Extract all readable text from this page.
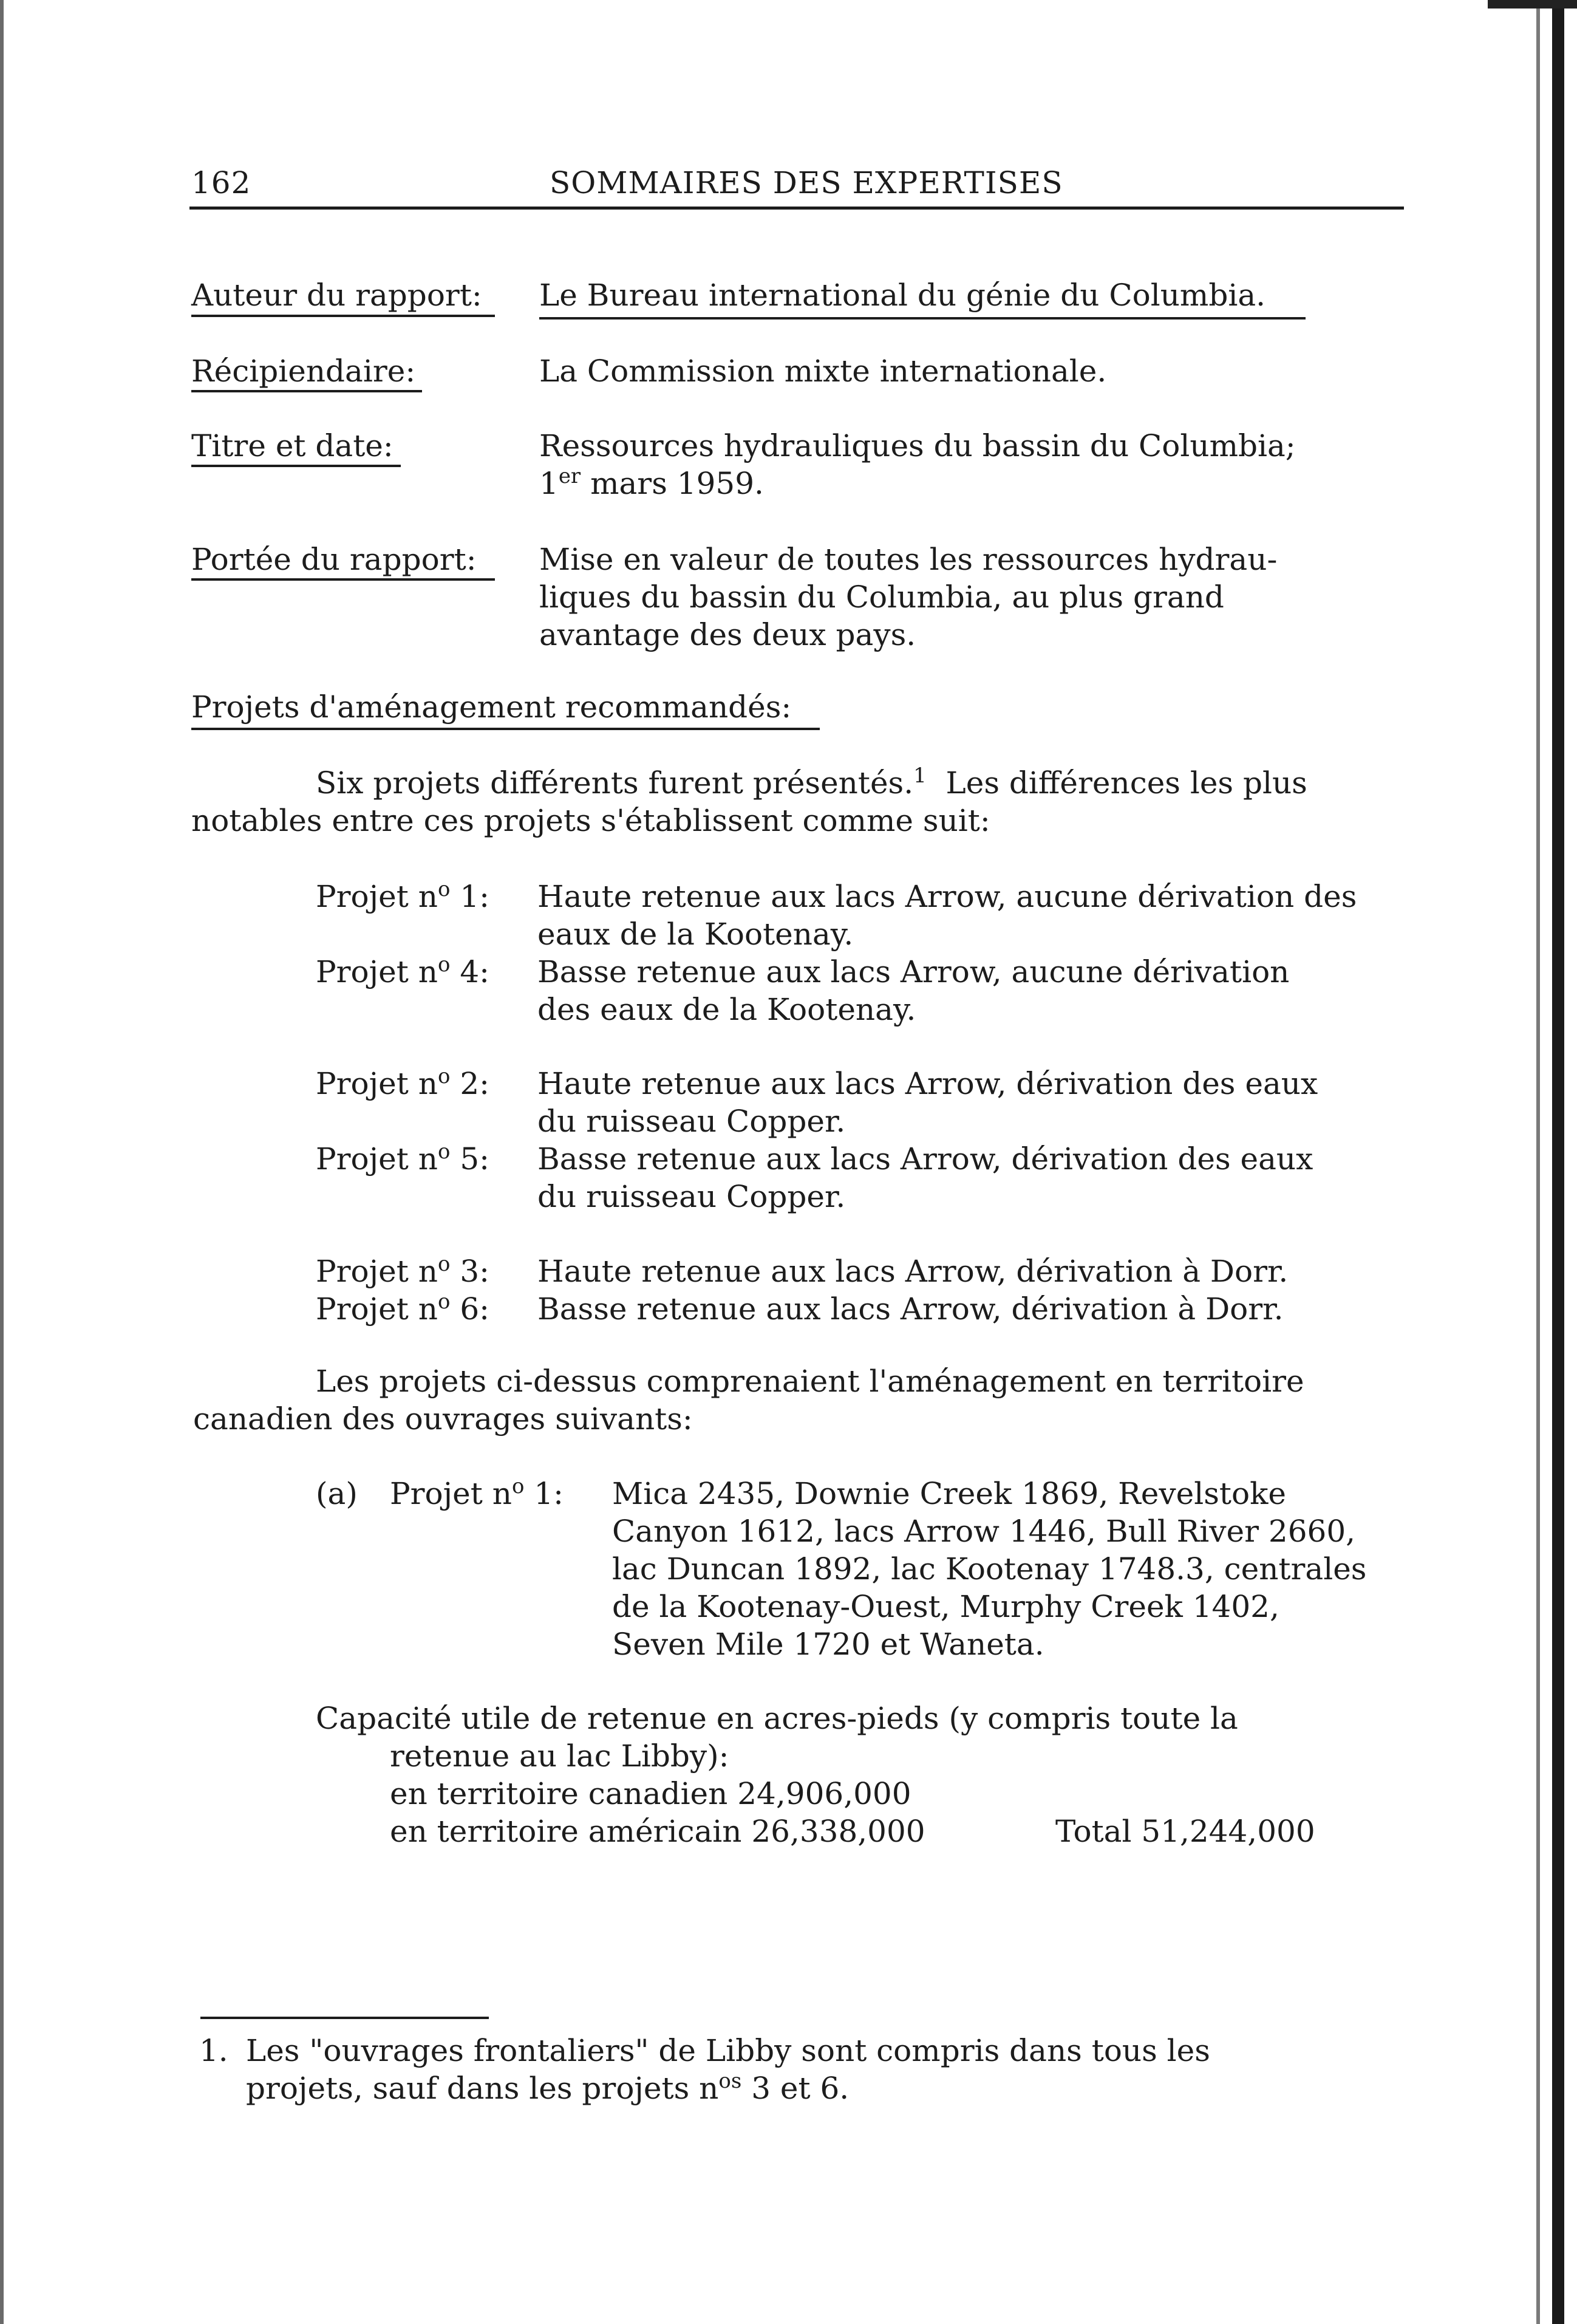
162	SOMMAIRES DES EXPERTISES
Auteur du rapport: Le Bureau international du génie du Columbia.
Récipiendaire:	La Commission mixte internationale.
Titre et date:	Ressources hydrauliques du bassin du Columbia;
1er mars 1959.
Portée du rapport: Mise en valeur de toutes les ressources hydrau-
liques du bassin du Columbia, au plus grand
avantage des deux pays.
Projets d'aménagement recommandés:
Six projets différents furent présentés.$^1$ Les différences les plus
notables entre ces projets s'établissent comme suit:
Projet $n^o$ 1: Haute retenue aux lacs Arrow, aucune dérivation des
eaux de la Kootenay.
Projet $n^o$ 4: Basse retenue aux lacs Arrow, aucune dérivation
des eaux de la Kootenay.
Projet $n^o$ 2: Haute retenue aux lacs Arrow, dérivation des eaux
du ruisseau Copper.
Projet $n^o$ 5: Basse retenue aux lacs Arrow, dérivation des eaux
du ruisseau Copper.
Projet $n^o$ 3: Haute retenue aux lacs Arrow, dérivation à Dorr.
Projet $n^o$ 6: Basse retenue aux lacs Arrow, dérivation à Dorr.
Les projets ci-dessus comprenaient l'aménagement en territoire
canadien des ouvrages suivants:
(a) Projet $n^o$ 1: Mica 2435, Downie Creek 1869, Revelstoke
Canyon 1612, lacs Arrow 1446, Bull River 2660,
lac Duncan 1892, lac Kootenay 1748.3, centrales
de la Kootenay-Ouest, Murphy Creek 1402,
Seven Mile 1720 et Waneta.
Capacité utile de retenue en acres-pieds (y compris toute la
retenue au lac Libby):
en territoire canadien 24,906,000
en territoire américain 26,338,000	Total 51,244,000
1. Les "ouvrages frontaliers" de Libby sont compris dans tous les
projets, sauf dans les projets $n^{os}$ 3 et 6.
